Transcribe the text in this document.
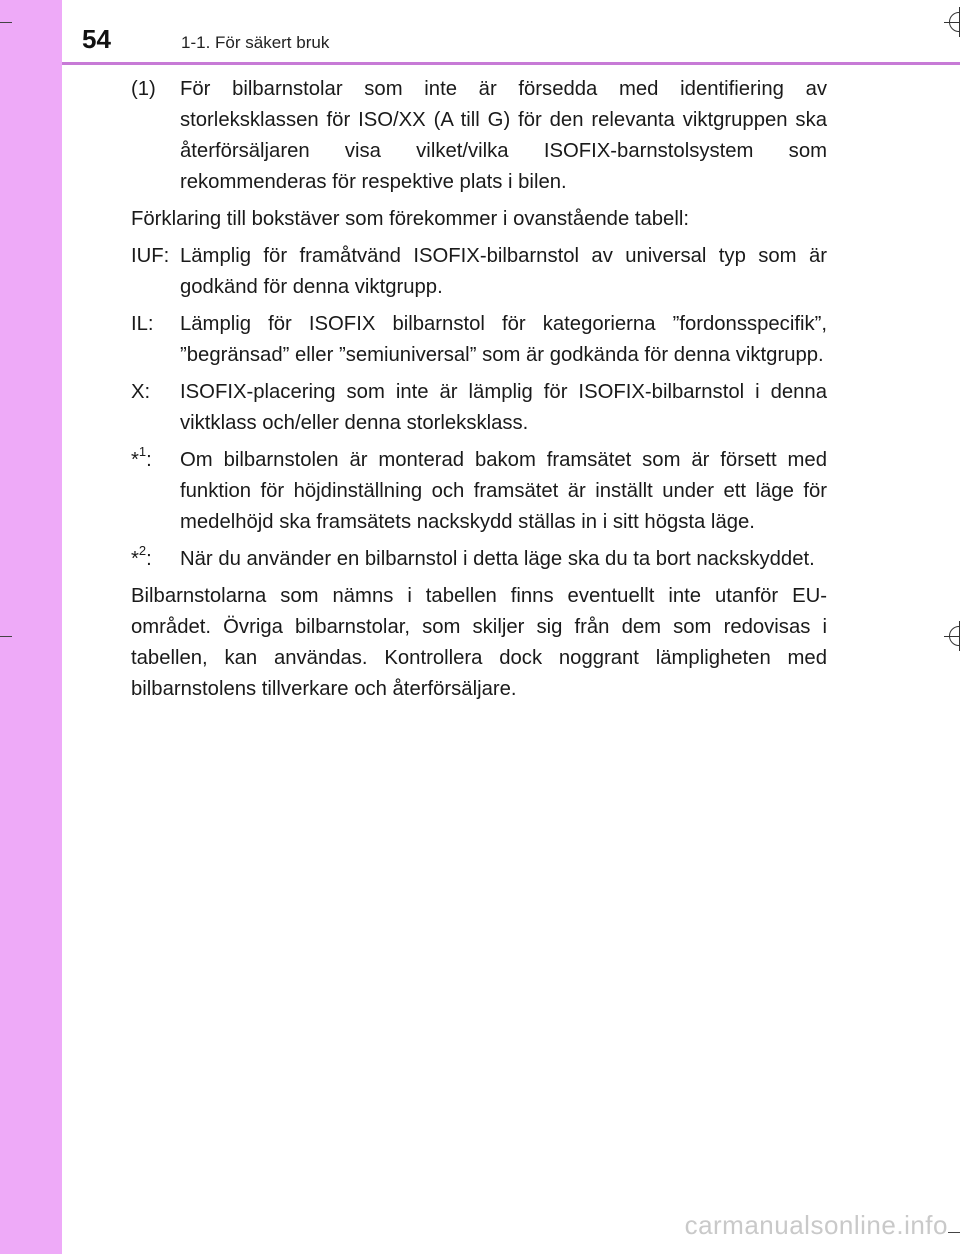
54	1-1. För säkert bruk
(1) För bilbarnstolar som inte är försedda med identifiering av storleksklassen för ISO/XX (A till G) för den relevanta viktgruppen ska återförsäljaren visa vilket/vilka ISOFIX-barnstolsystem som rekommenderas för respektive plats i bilen.
Förklaring till bokstäver som förekommer i ovanstående tabell:
IUF: Lämplig för framåtvänd ISOFIX-bilbarnstol av universal typ som är godkänd för denna viktgrupp.
IL: Lämplig för ISOFIX bilbarnstol för kategorierna ”fordonsspecifik”, ”begränsad” eller ”semiuniversal” som är godkända för denna viktgrupp.
X: ISOFIX-placering som inte är lämplig för ISOFIX-bilbarnstol i denna viktklass och/eller denna storleksklass.
*$^1$: Om bilbarnstolen är monterad bakom framsätet som är försett med funktion för höjdinställning och framsätet är inställt under ett läge för medelhöjd ska framsätets nackskydd ställas in i sitt högsta läge.
*$^2$: När du använder en bilbarnstol i detta läge ska du ta bort nackskyddet.
Bilbarnstolarna som nämns i tabellen finns eventuellt inte utanför EU-området. Övriga bilbarnstolar, som skiljer sig från dem som redovisas i tabellen, kan användas. Kontrollera dock noggrant lämpligheten med bilbarnstolens tillverkare och återförsäljare.
carmanualsonline.info
